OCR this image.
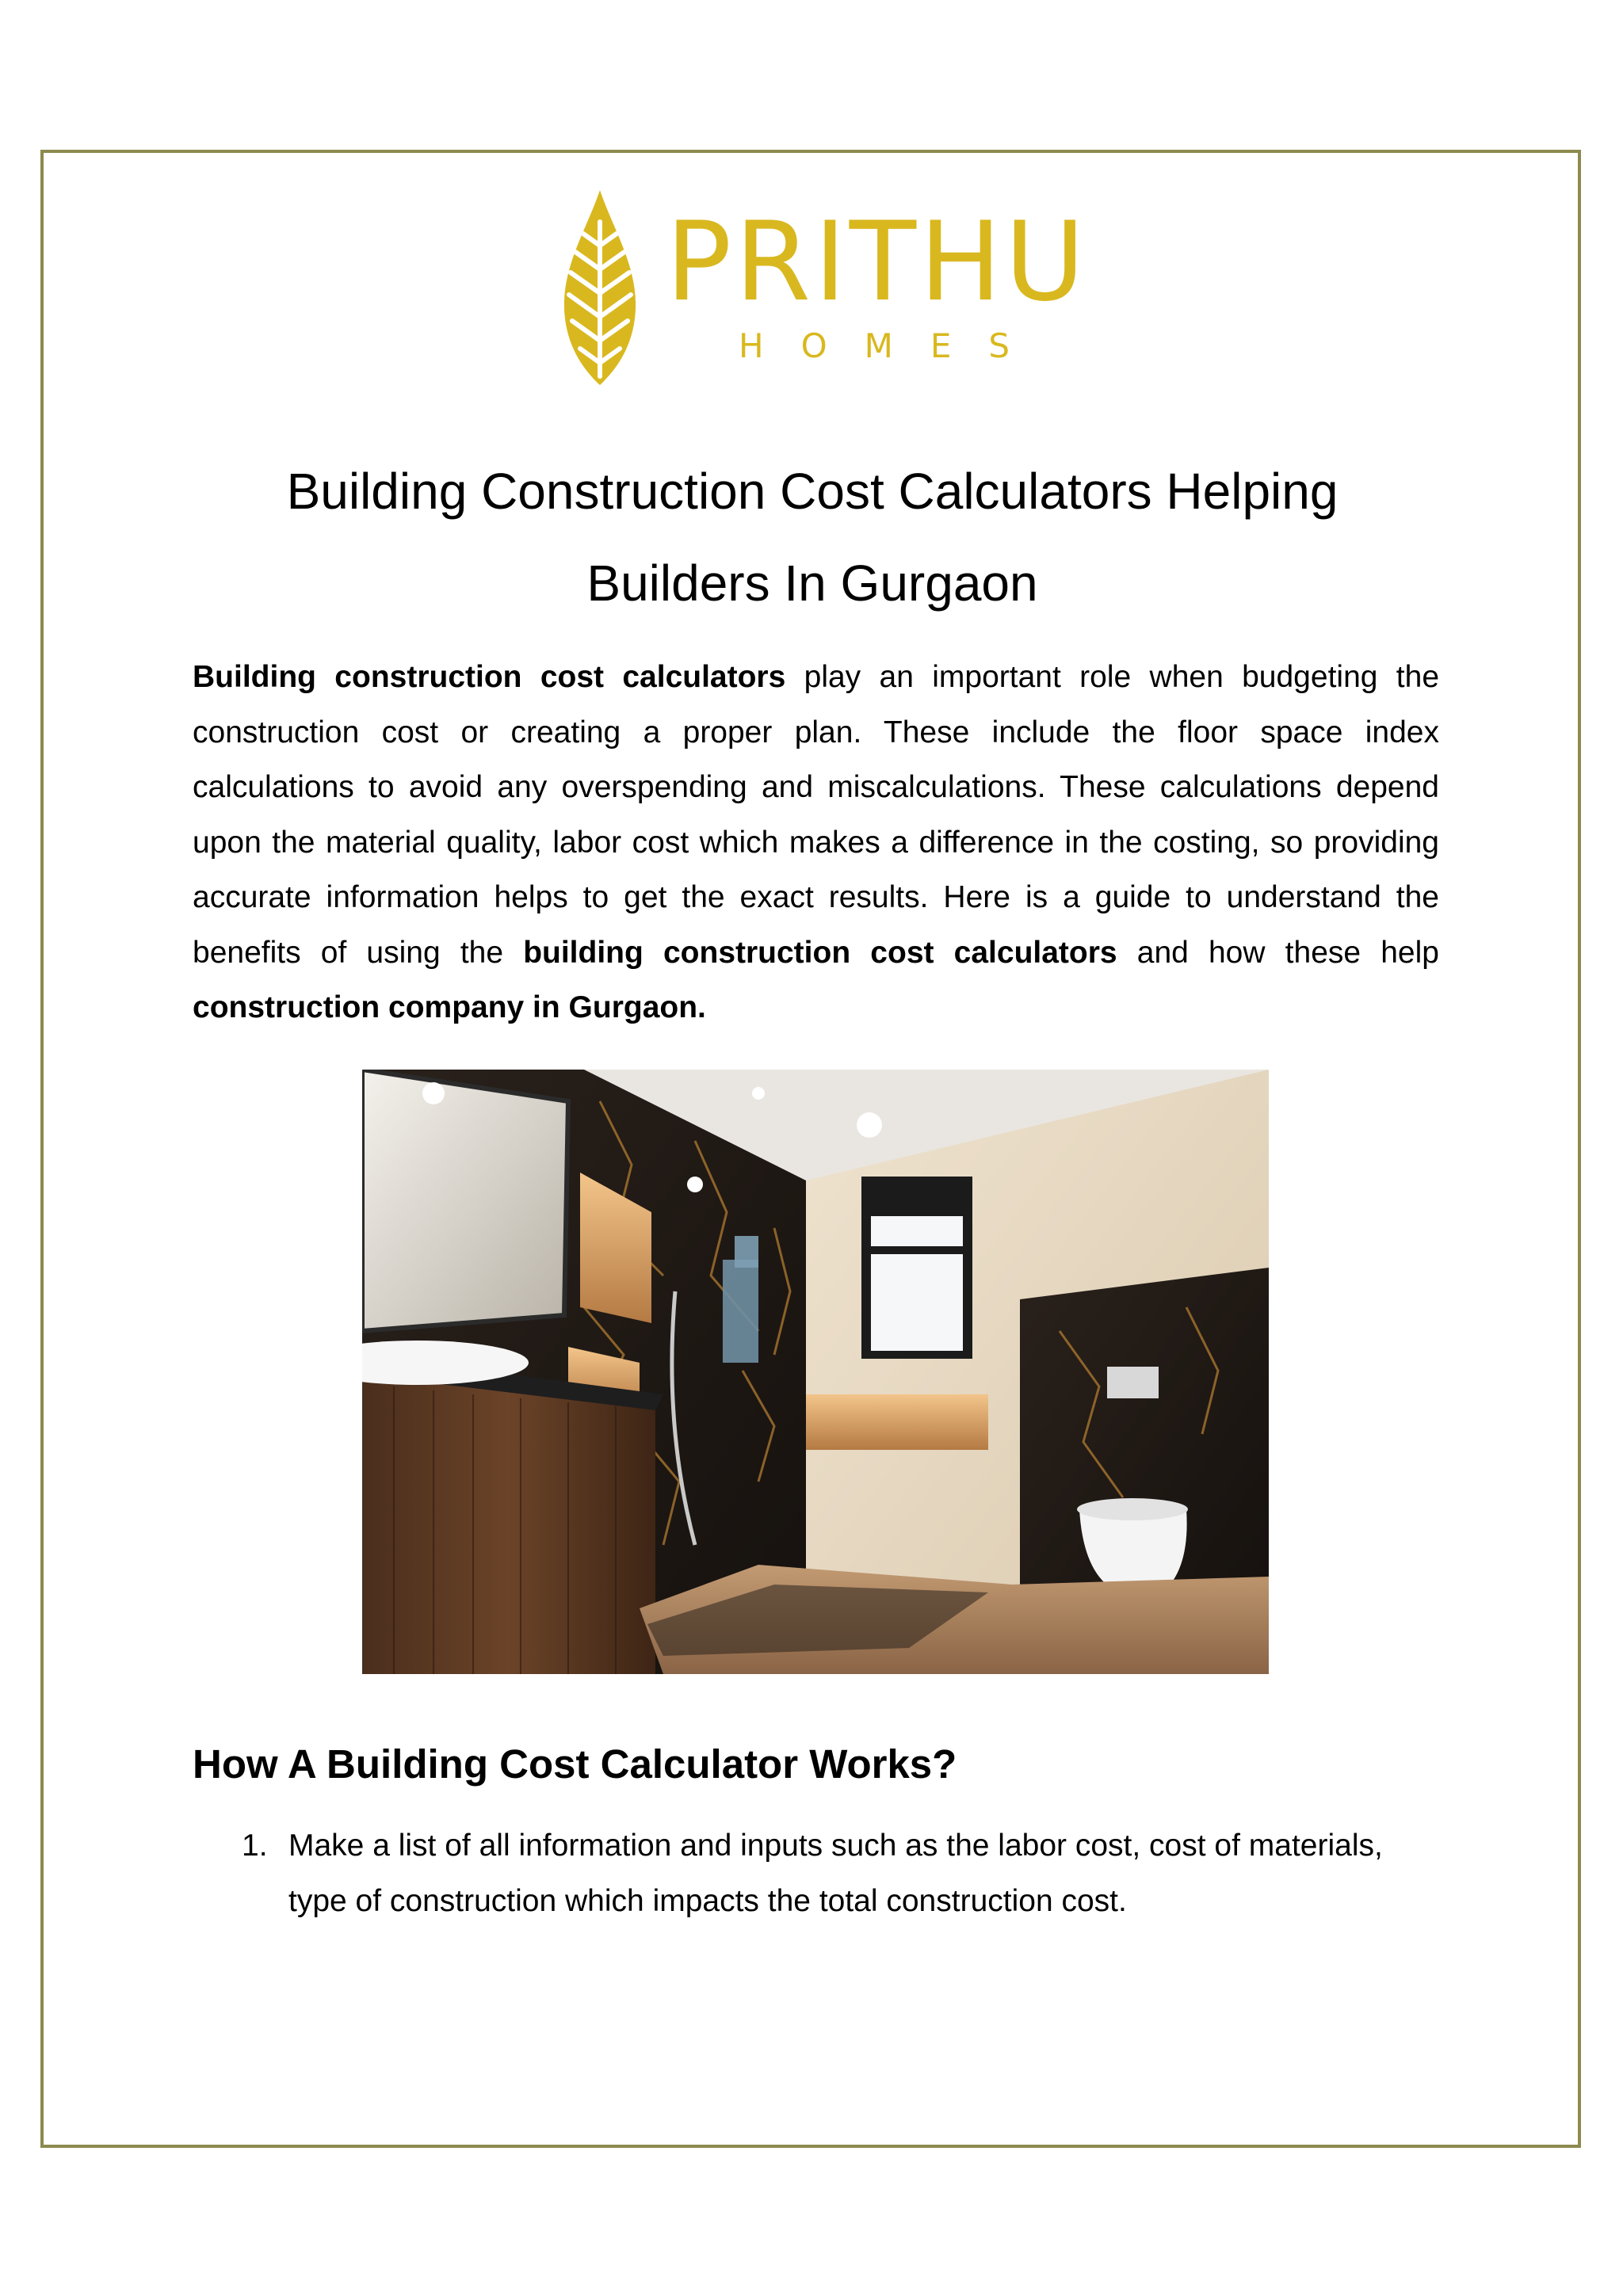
PRITHU
HOMES
Building Construction Cost Calculators Helping
Builders In Gurgaon

Building construction cost calculators play an important role when budgeting the construction cost or creating a proper plan. These include the floor space index calculations to avoid any overspending and miscalculations. These calculations depend upon the material quality, labor cost which makes a difference in the costing, so providing accurate information helps to get the exact results. Here is a guide to understand the benefits of using the building construction cost calculators and how these help construction company in Gurgaon.

How A Building Cost Calculator Works?
1. Make a list of all information and inputs such as the labor cost, cost of materials, type of construction which impacts the total construction cost.
